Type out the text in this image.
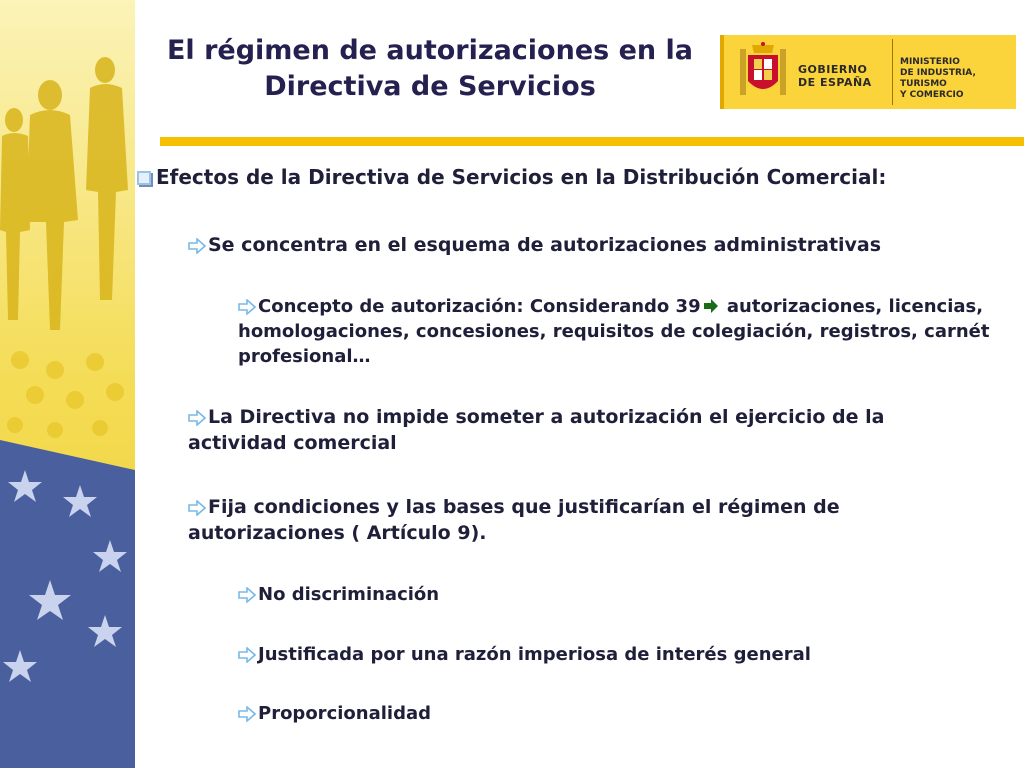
El régimen de autorizaciones en la
Directiva de Servicios
GOBIERNO
DE ESPAÑA
MINISTERIO
DE INDUSTRIA, TURISMO
Y COMERCIO
Efectos de la Directiva de Servicios en la Distribución Comercial:
Se concentra en el esquema de autorizaciones administrativas
Concepto de autorización: Considerando 39 autorizaciones, licencias, homologaciones, concesiones, requisitos de colegiación, registros, carnét profesional…
La Directiva no impide someter a autorización el ejercicio de la actividad comercial
Fija condiciones y las bases que justificarían el régimen de autorizaciones ( Artículo 9).
No discriminación
Justificada por una razón imperiosa de interés general
Proporcionalidad
